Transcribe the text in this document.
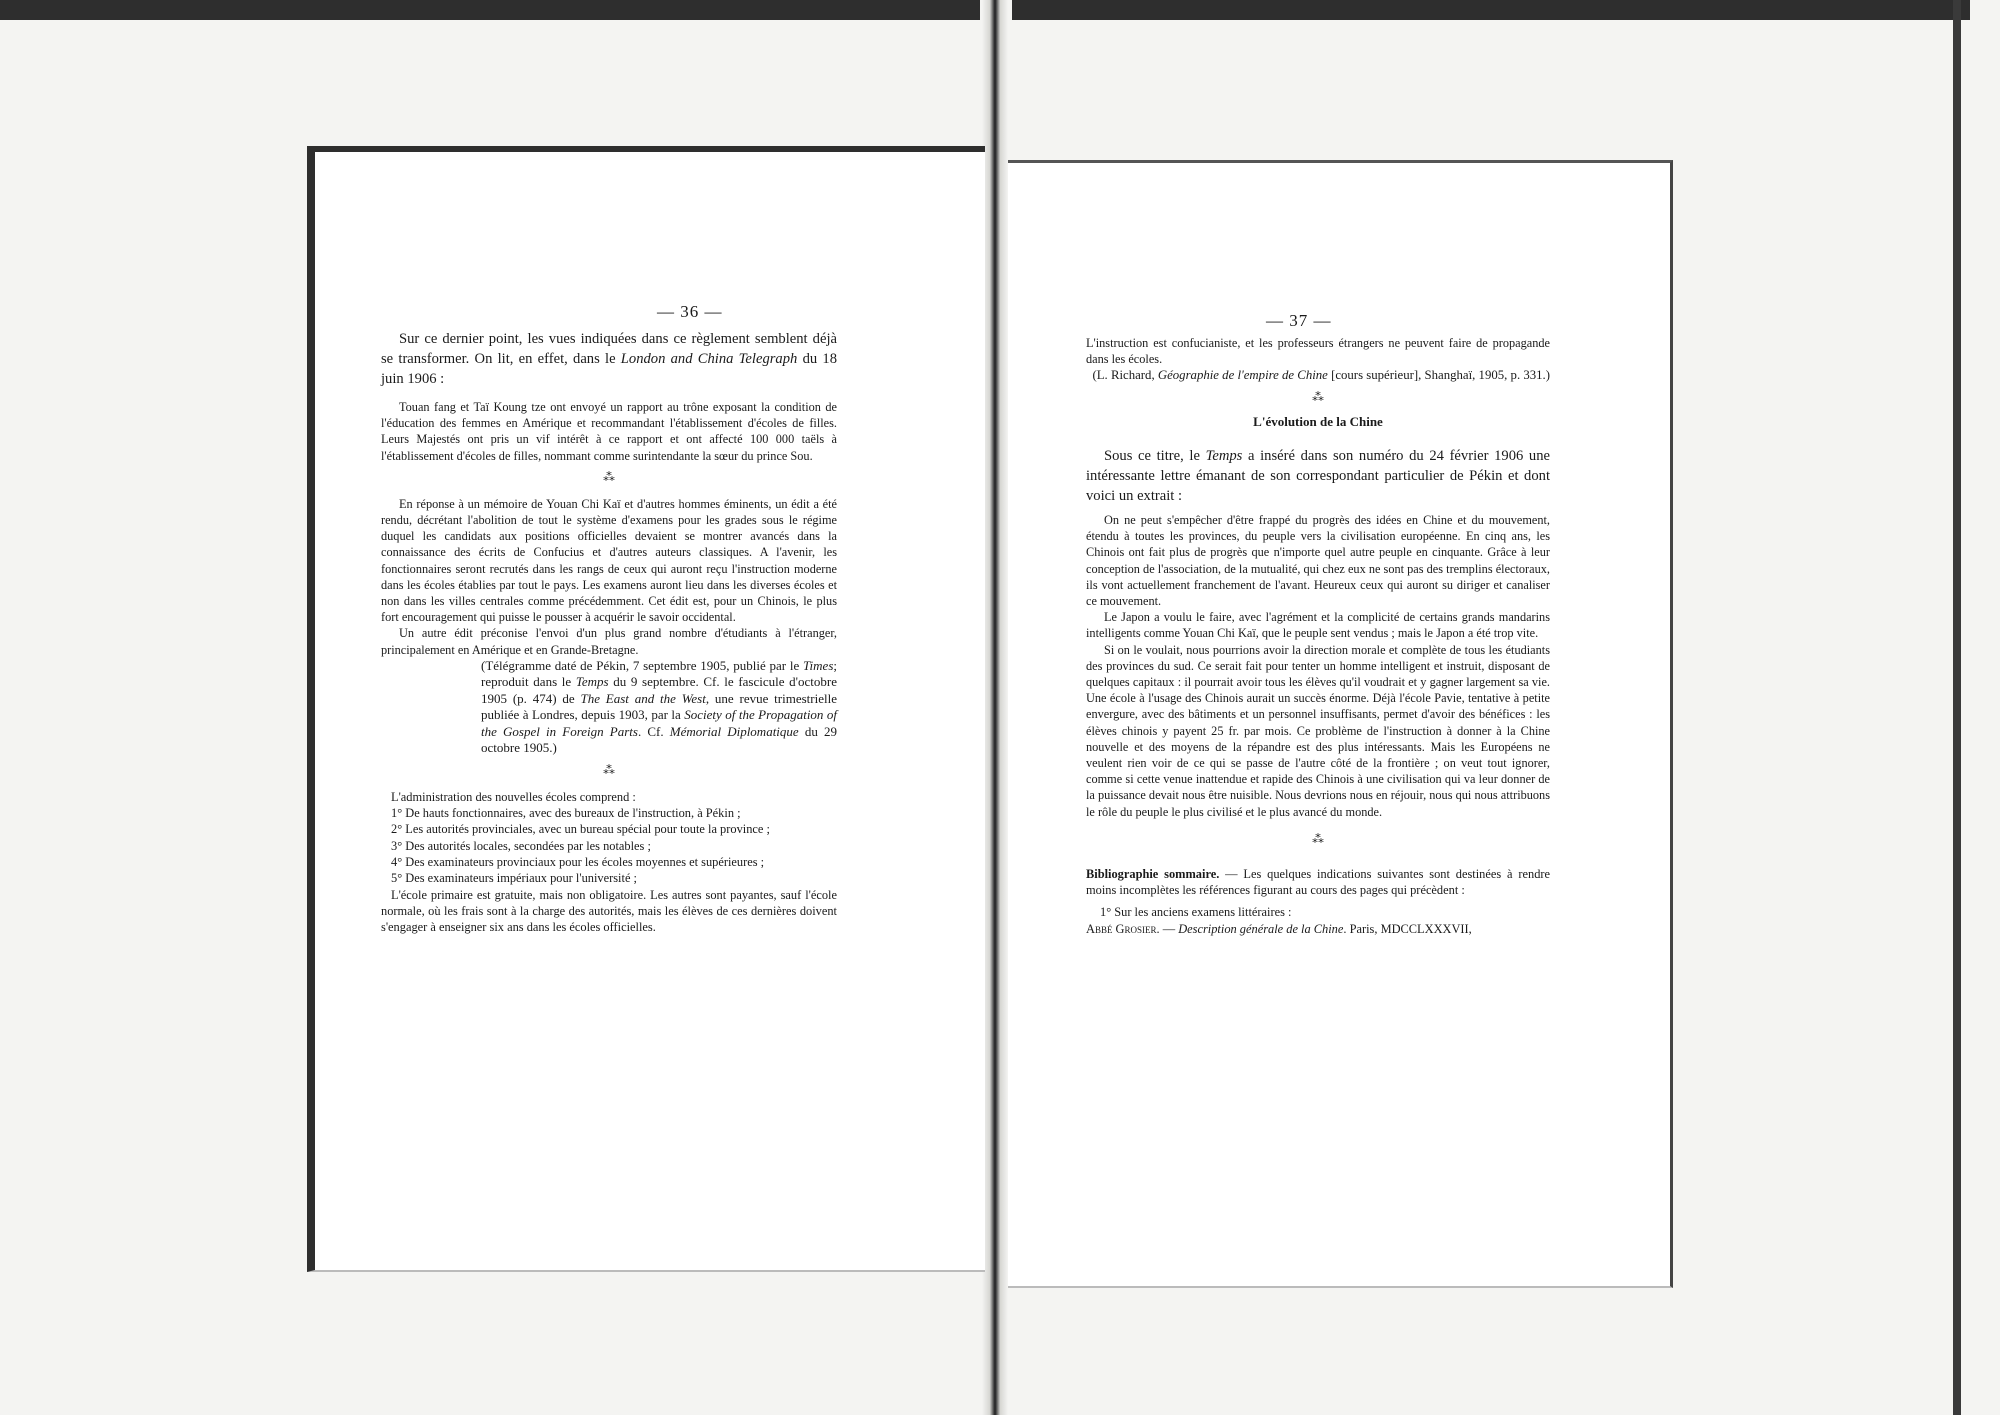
— 36 —

Sur ce dernier point, les vues indiquées dans ce règlement semblent déjà se transformer. On lit, en effet, dans le London and China Telegraph du 18 juin 1906 :

Touan fang et Taï Koung tze ont envoyé un rapport au trône exposant la condition de l'éducation des femmes en Amérique et recommandant l'établissement d'écoles de filles. Leurs Majestés ont pris un vif intérêt à ce rapport et ont affecté 100 000 taëls à l'établissement d'écoles de filles, nommant comme surintendante la sœur du prince Sou.

⁂

En réponse à un mémoire de Youan Chi Kaï et d'autres hommes éminents, un édit a été rendu, décrétant l'abolition de tout le système d'examens pour les grades sous le régime duquel les candidats aux positions officielles devaient se montrer avancés dans la connaissance des écrits de Confucius et d'autres auteurs classiques. A l'avenir, les fonctionnaires seront recrutés dans les rangs de ceux qui auront reçu l'instruction moderne dans les écoles établies par tout le pays. Les examens auront lieu dans les diverses écoles et non dans les villes centrales comme précédemment. Cet édit est, pour un Chinois, le plus fort encouragement qui puisse le pousser à acquérir le savoir occidental.

Un autre édit préconise l'envoi d'un plus grand nombre d'étudiants à l'étranger, principalement en Amérique et en Grande-Bretagne.

(Télégramme daté de Pékin, 7 septembre 1905, publié par le Times; reproduit dans le Temps du 9 septembre. Cf. le fascicule d'octobre 1905 (p. 474) de The East and the West, une revue trimestrielle publiée à Londres, depuis 1903, par la Society of the Propagation of the Gospel in Foreign Parts. Cf. Mémorial Diplomatique du 29 octobre 1905.)

⁂

L'administration des nouvelles écoles comprend :

1° De hauts fonctionnaires, avec des bureaux de l'instruction, à Pékin ;

2° Les autorités provinciales, avec un bureau spécial pour toute la province ;

3° Des autorités locales, secondées par les notables ;

4° Des examinateurs provinciaux pour les écoles moyennes et supérieures ;

5° Des examinateurs impériaux pour l'université ;

L'école primaire est gratuite, mais non obligatoire. Les autres sont payantes, sauf l'école normale, où les frais sont à la charge des autorités, mais les élèves de ces dernières doivent s'engager à enseigner six ans dans les écoles officielles.

— 37 —

L'instruction est confucianiste, et les professeurs étrangers ne peuvent faire de propagande dans les écoles.

(L. Richard, Géographie de l'empire de Chine [cours supérieur], Shanghaï, 1905, p. 331.)

⁂
L'évolution de la Chine

Sous ce titre, le Temps a inséré dans son numéro du 24 février 1906 une intéressante lettre émanant de son correspondant particulier de Pékin et dont voici un extrait :

On ne peut s'empêcher d'être frappé du progrès des idées en Chine et du mouvement, étendu à toutes les provinces, du peuple vers la civilisation européenne. En cinq ans, les Chinois ont fait plus de progrès que n'importe quel autre peuple en cinquante. Grâce à leur conception de l'association, de la mutualité, qui chez eux ne sont pas des tremplins électoraux, ils vont actuellement franchement de l'avant. Heureux ceux qui auront su diriger et canaliser ce mouvement.

Le Japon a voulu le faire, avec l'agrément et la complicité de certains grands mandarins intelligents comme Youan Chi Kaï, que le peuple sent vendus ; mais le Japon a été trop vite.

Si on le voulait, nous pourrions avoir la direction morale et complète de tous les étudiants des provinces du sud. Ce serait fait pour tenter un homme intelligent et instruit, disposant de quelques capitaux : il pourrait avoir tous les élèves qu'il voudrait et y gagner largement sa vie. Une école à l'usage des Chinois aurait un succès énorme. Déjà l'école Pavie, tentative à petite envergure, avec des bâtiments et un personnel insuffisants, permet d'avoir des bénéfices : les élèves chinois y payent 25 fr. par mois. Ce problème de l'instruction à donner à la Chine nouvelle et des moyens de la répandre est des plus intéressants. Mais les Européens ne veulent rien voir de ce qui se passe de l'autre côté de la frontière ; on veut tout ignorer, comme si cette venue inattendue et rapide des Chinois à une civilisation qui va leur donner de la puissance devait nous être nuisible. Nous devrions nous en réjouir, nous qui nous attribuons le rôle du peuple le plus civilisé et le plus avancé du monde.

⁂

Bibliographie sommaire. — Les quelques indications suivantes sont destinées à rendre moins incomplètes les références figurant au cours des pages qui précèdent :

1° Sur les anciens examens littéraires :

Abbé Grosier. — Description générale de la Chine. Paris, MDCCLXXXVII,
